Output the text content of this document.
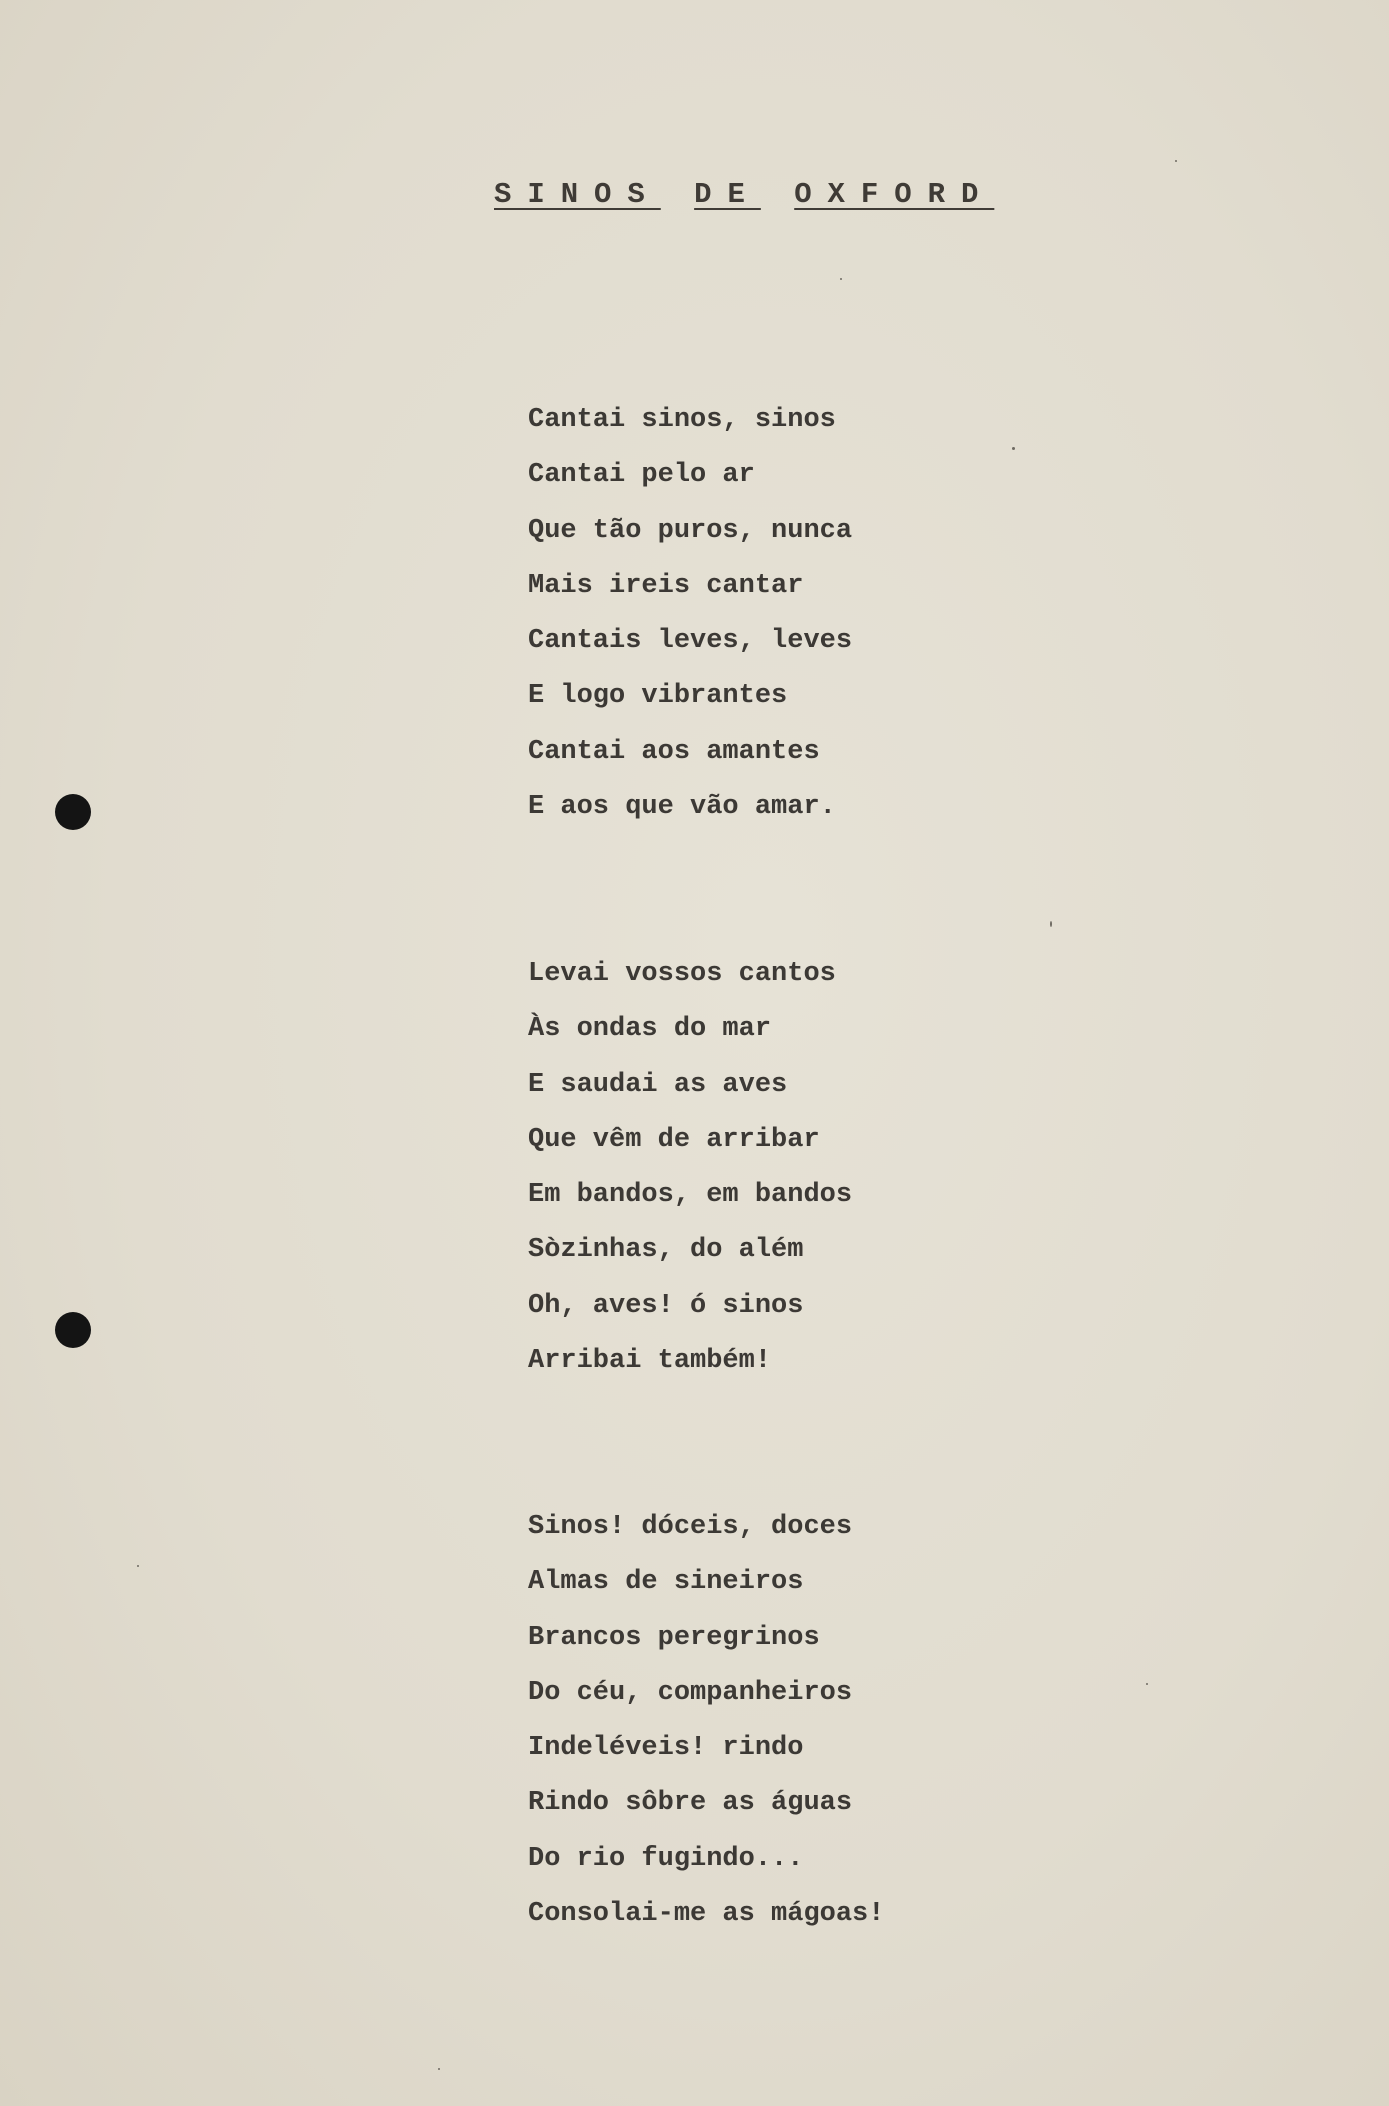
SINOS DE OXFORD
Cantai sinos, sinos
Cantai pelo ar
Que tão puros, nunca
Mais ireis cantar
Cantais leves, leves
E logo vibrantes
Cantai aos amantes
E aos que vão amar.
Levai vossos cantos
Às ondas do mar
E saudai as aves
Que vêm de arribar
Em bandos, em bandos
Sòzinhas, do além
Oh, aves! ó sinos
Arribai também!
Sinos! dóceis, doces
Almas de sineiros
Brancos peregrinos
Do céu, companheiros
Indeléveis! rindo
Rindo sôbre as águas
Do rio fugindo...
Consolai-me as mágoas!
